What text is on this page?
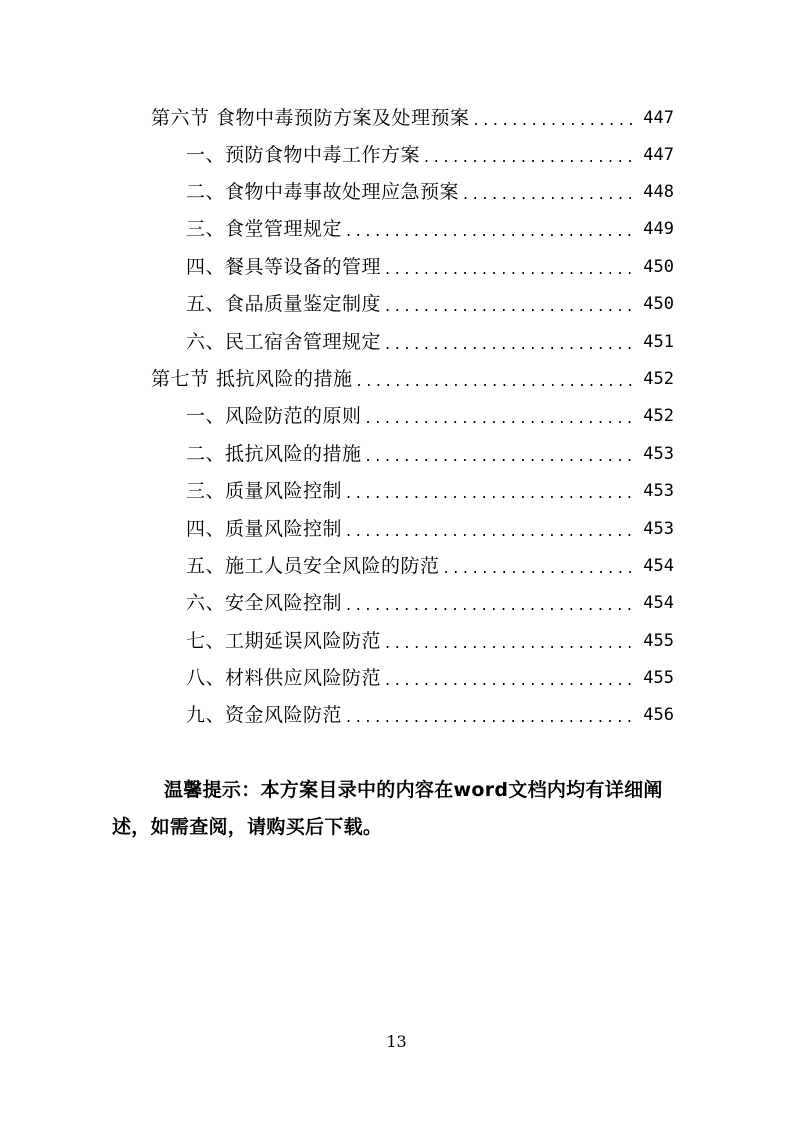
第六节 食物中毒预防方案及处理预案 .....	447
一、预防食物中毒工作方案 .....	447
二、食物中毒事故处理应急预案 .....	448
三、食堂管理规定 .....	449
四、餐具等设备的管理 .....	450
五、食品质量鉴定制度 .....	450
六、民工宿舍管理规定 .....	451
第七节 抵抗风险的措施 .....	452
一、风险防范的原则 .....	452
二、抵抗风险的措施 .....	453
三、质量风险控制 .....	453
四、质量风险控制 .....	453
五、施工人员安全风险的防范 .....	454
六、安全风险控制 .....	454
七、工期延误风险防范 .....	455
八、材料供应风险防范 .....	455
九、资金风险防范 .....	456
温馨提示：本方案目录中的内容在word文档内均有详细阐述，如需查阅，请购买后下载。
13
